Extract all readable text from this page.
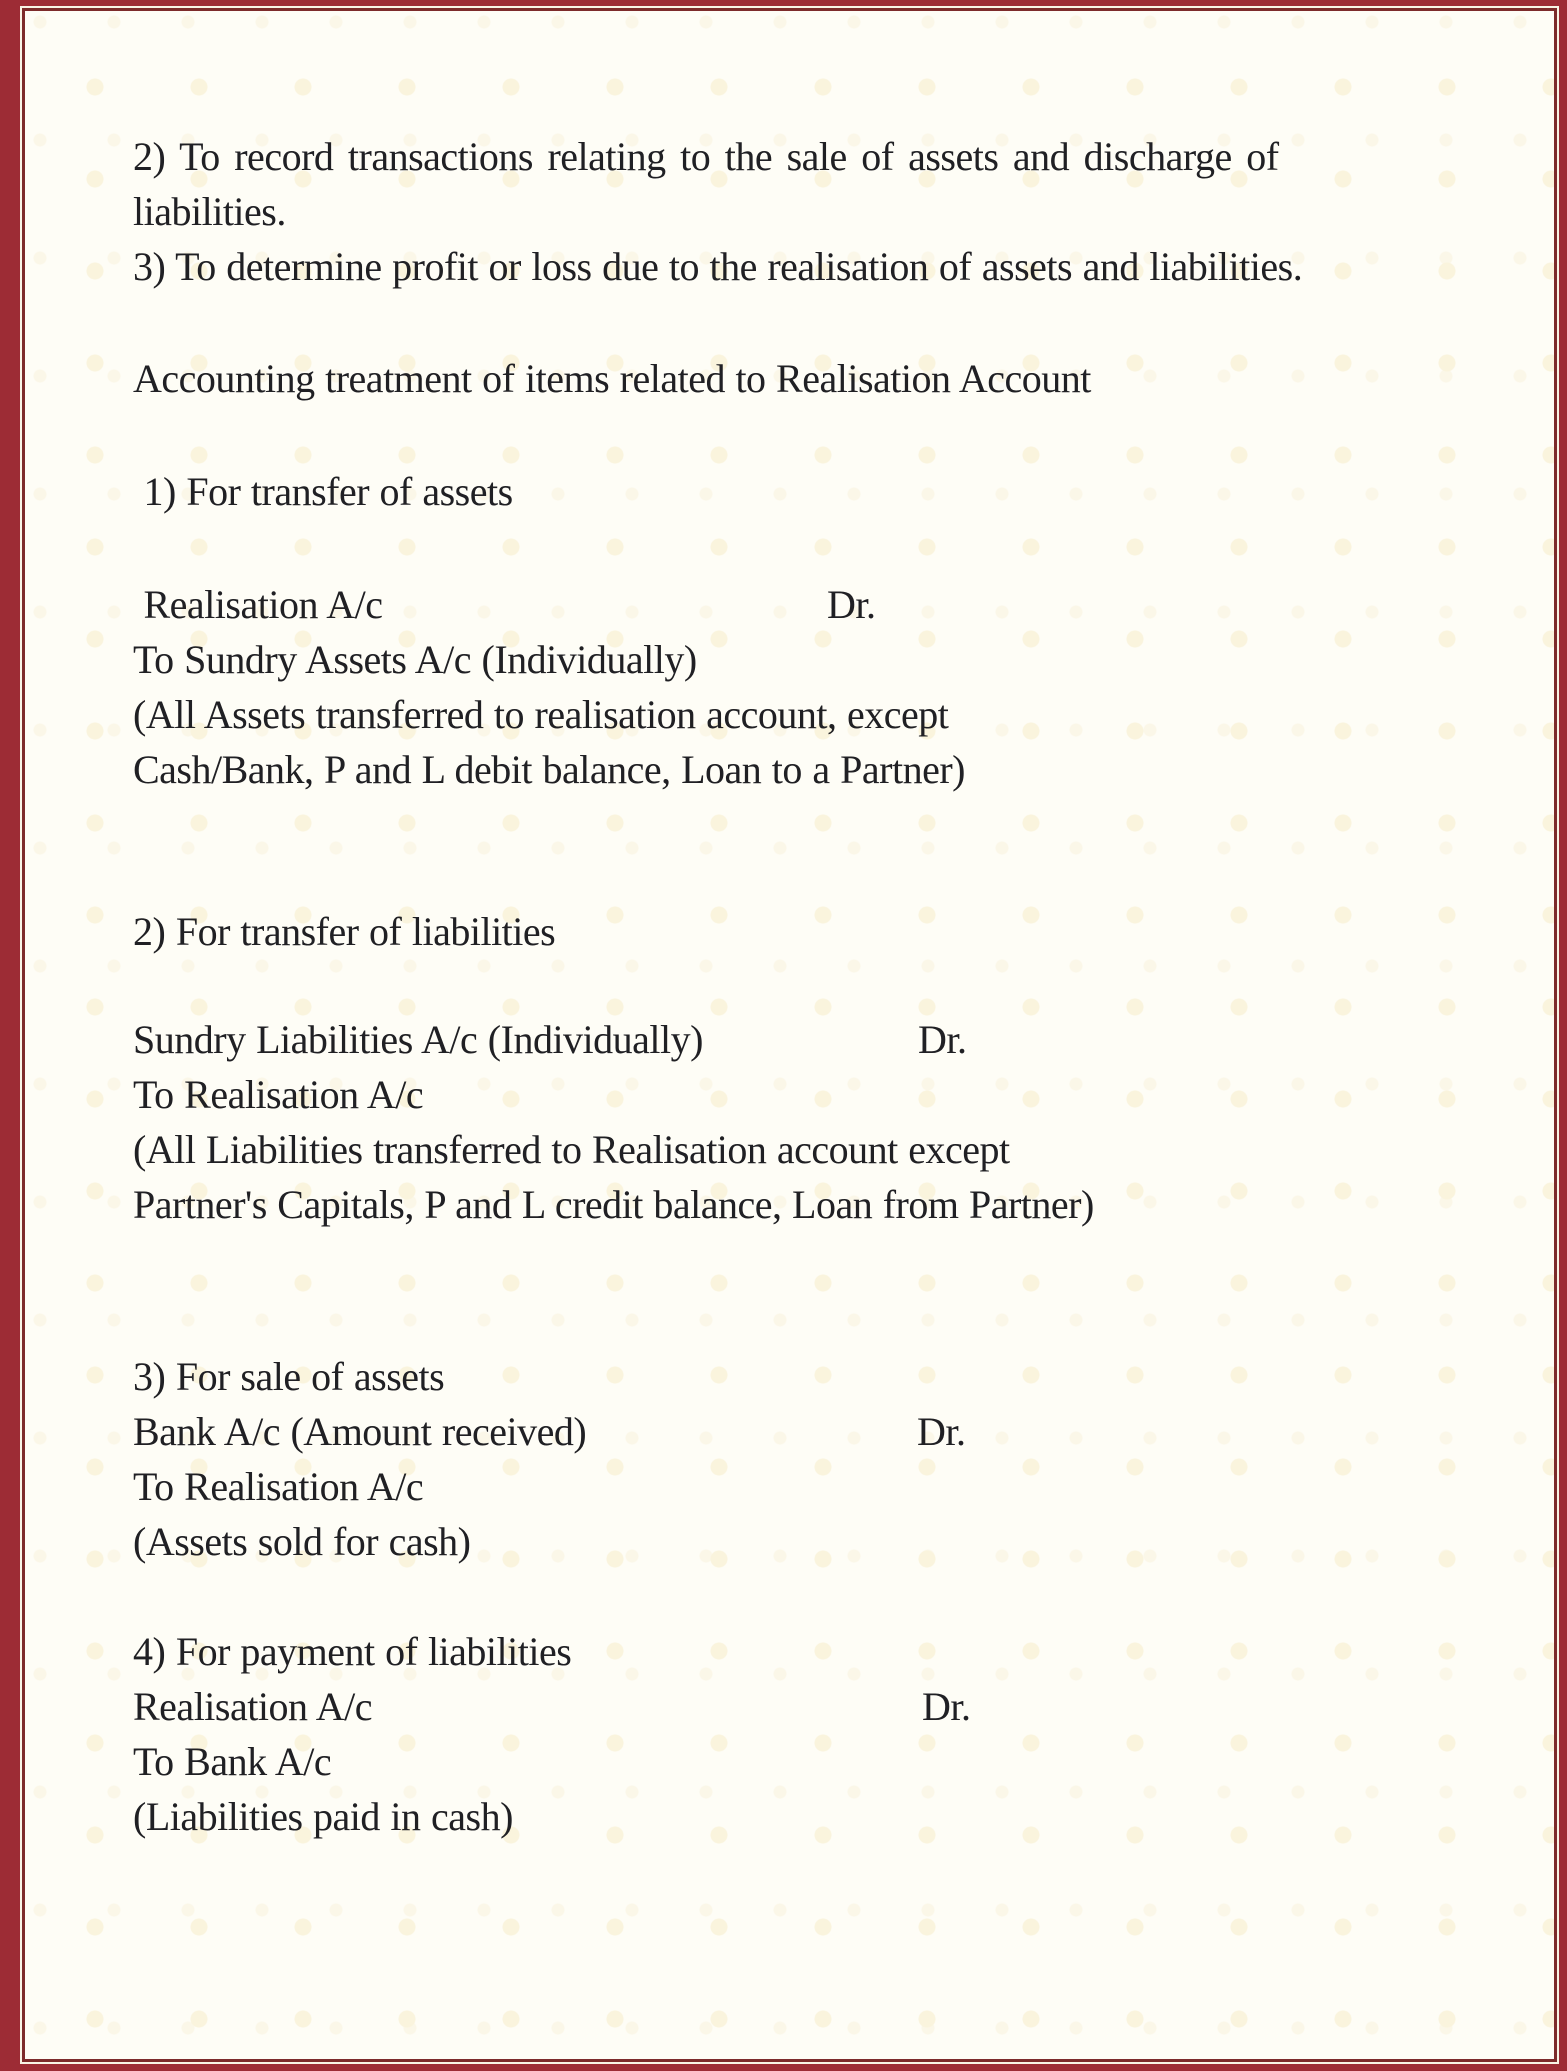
2) To record transactions relating to the sale of assets and discharge of
liabilities.
3) To determine profit or loss due to the realisation of assets and liabilities.
Accounting treatment of items related to Realisation Account
1) For transfer of assets
Realisation A/c	Dr.
To Sundry Assets A/c (Individually)
(All Assets transferred to realisation account, except
Cash/Bank, P and L debit balance, Loan to a Partner)
2) For transfer of liabilities
Sundry Liabilities A/c (Individually)	Dr.
To Realisation A/c
(All Liabilities transferred to Realisation account except
Partner's Capitals, P and L credit balance, Loan from Partner)
3) For sale of assets
Bank A/c (Amount received)	Dr.
To Realisation A/c
(Assets sold for cash)
4) For payment of liabilities
Realisation A/c	Dr.
To Bank A/c
(Liabilities paid in cash)
